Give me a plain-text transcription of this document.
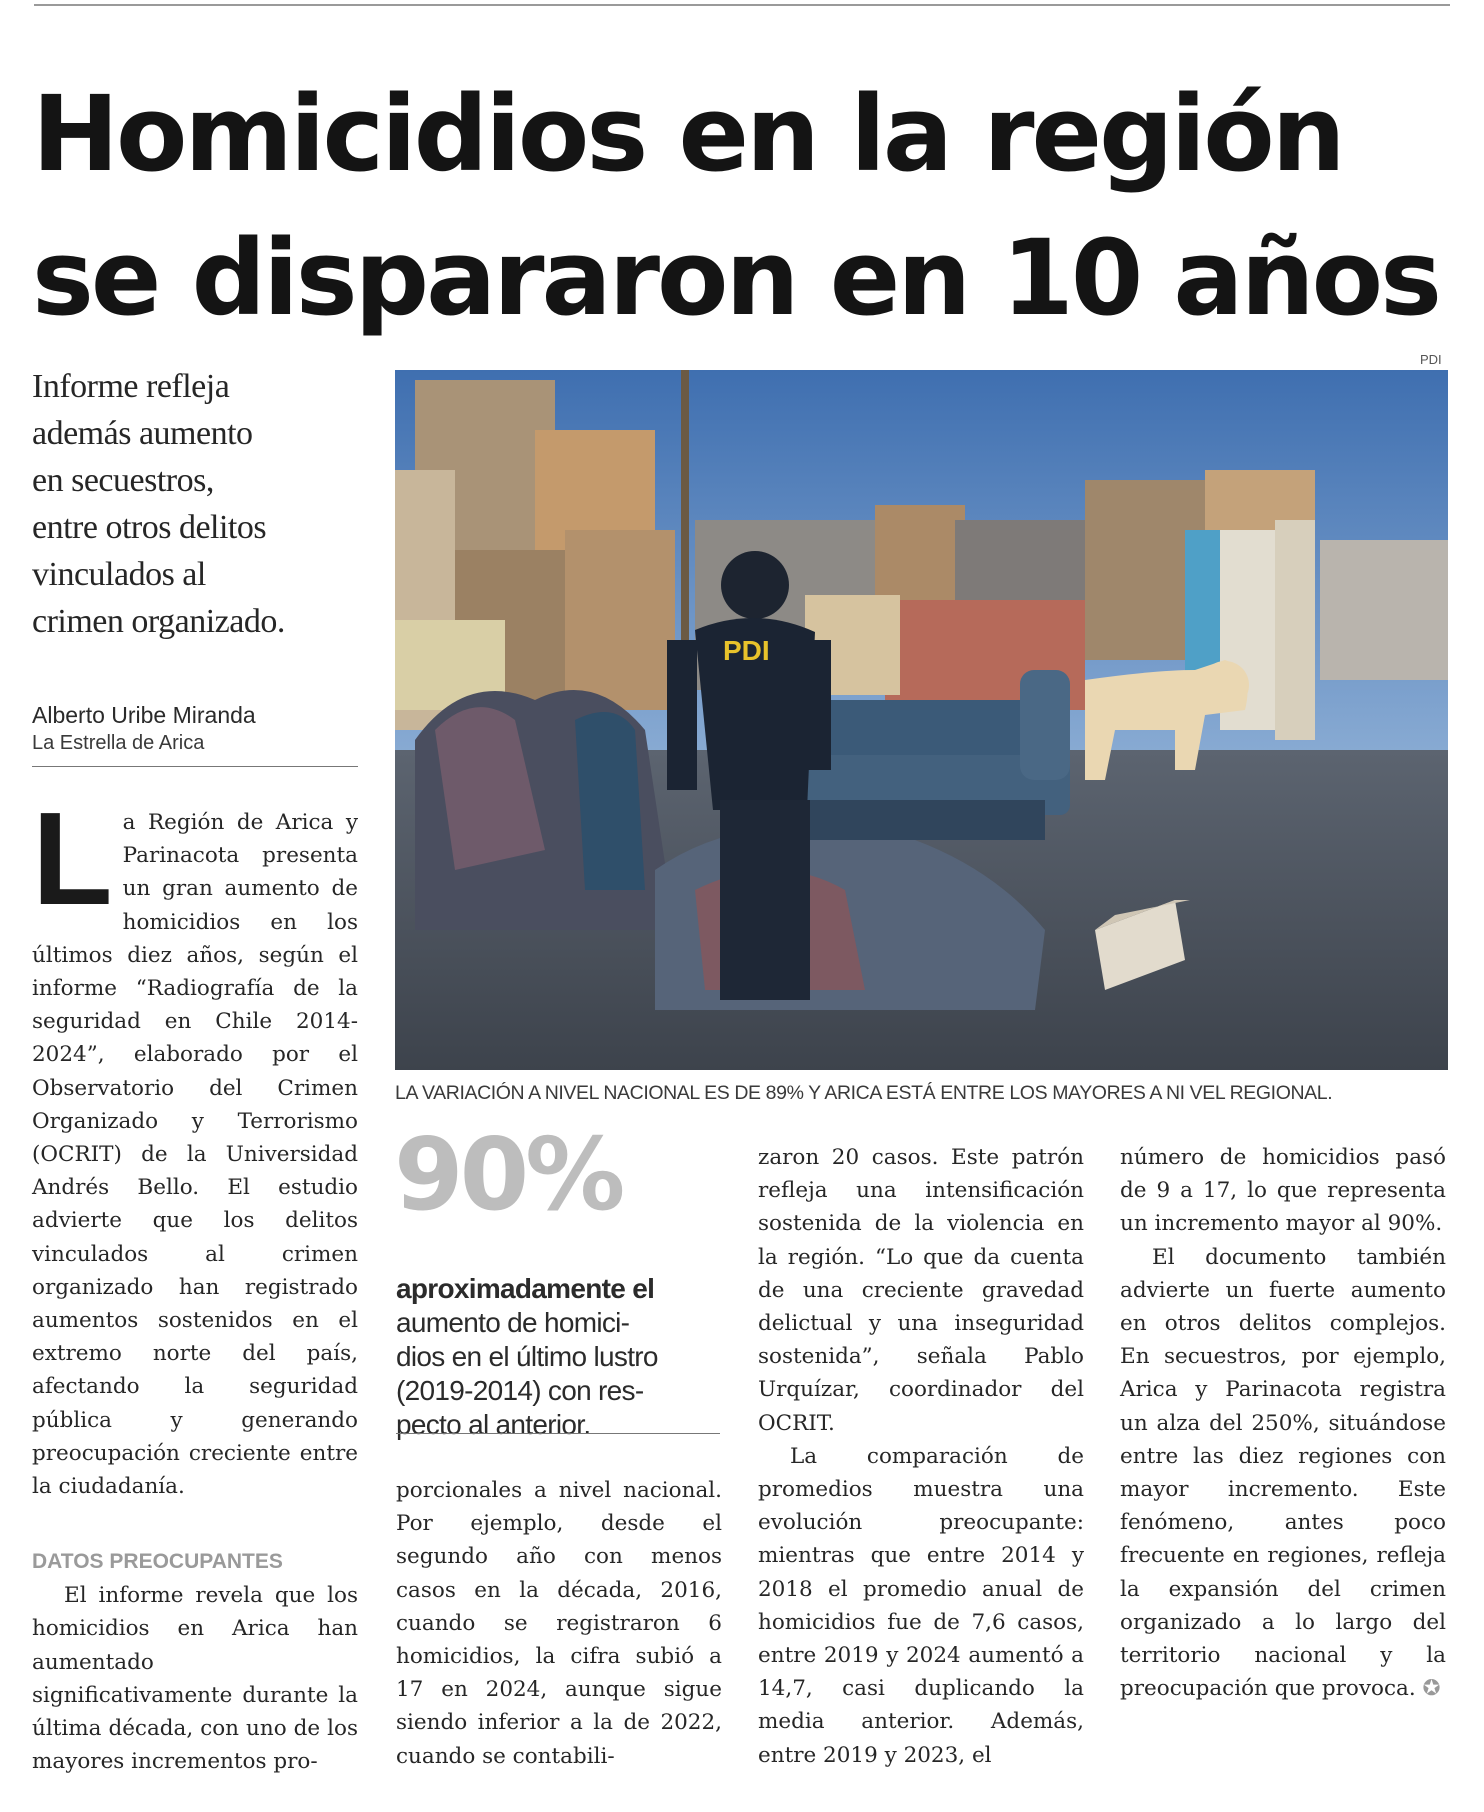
Homicidios en la región
se dispararon en 10 años
PDI
Informe refleja
además aumento
en secuestros,
entre otros delitos
vinculados al
crimen organizado.
Alberto Uribe Miranda
La Estrella de Arica
PDI
LA VARIACIÓN A NIVEL NACIONAL ES DE 89% Y ARICA ESTÁ ENTRE LOS MAYORES A NI VEL REGIONAL.
L a Región de Arica y Parinacota presenta un gran aumento de homicidios en los últimos diez años, según el informe “Radiografía de la seguridad en Chile 2014-2024”, elaborado por el Observatorio del Crimen Organizado y Terrorismo (OCRIT) de la Universidad Andrés Bello. El estudio advierte que los delitos vinculados al crimen organizado han registrado aumentos sostenidos en el extremo norte del país, afectando la seguridad pública y generando preocupación creciente entre la ciudadanía.

DATOS PREOCUPANTES

El informe revela que los homicidios en Arica han aumentado significativamente durante la última década, con uno de los mayores incrementos pro-

90%
aproximadamente el
aumento de homici-
dios en el último lustro
(2019-2014) con res-
pecto al anterior.

porcionales a nivel nacional. Por ejemplo, desde el segundo año con menos casos en la década, 2016, cuando se registraron 6 homicidios, la cifra subió a 17 en 2024, aunque sigue siendo inferior a la de 2022, cuando se contabili-

zaron 20 casos. Este patrón refleja una intensificación sostenida de la violencia en la región. “Lo que da cuenta de una creciente gravedad delictual y una inseguridad sostenida”, señala Pablo Urquízar, coordinador del OCRIT.

La comparación de promedios muestra una evolución preocupante: mientras que entre 2014 y 2018 el promedio anual de homicidios fue de 7,6 casos, entre 2019 y 2024 aumentó a 14,7, casi duplicando la media anterior. Además, entre 2019 y 2023, el

número de homicidios pasó de 9 a 17, lo que representa un incremento mayor al 90%.

El documento también advierte un fuerte aumento en otros delitos complejos. En secuestros, por ejemplo, Arica y Parinacota registra un alza del 250%, situándose entre las diez regiones con mayor incremento. Este fenómeno, antes poco frecuente en regiones, refleja la expansión del crimen organizado a lo largo del territorio nacional y la preocupación que provoca. ✪
